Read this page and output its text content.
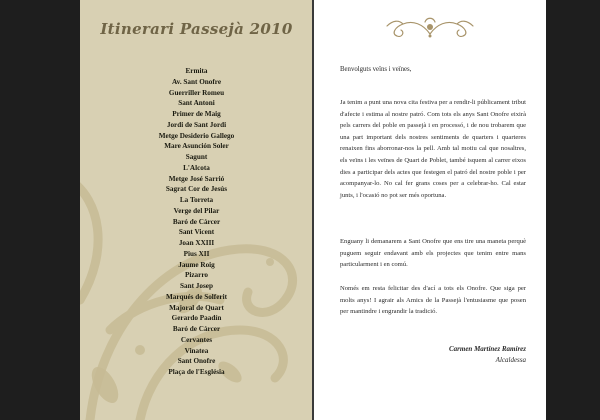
Itinerari Passejà 2010
Ermita
Av. Sant Onofre
Guerriller Romeu
Sant Antoni
Primer de Maig
Jordi de Sant Jordi
Metge Desiderio Gallego
Mare Asunción Soler
Sagunt
L'Alcota
Metge José Sarrió
Sagrat Cor de Jesús
La Torreta
Verge del Pilar
Baró de Càrcer
Sant Vicent
Joan XXIII
Pius XII
Jaume Roig
Pizarro
Sant Josep
Marqués de Solferit
Majoral de Quart
Gerardo Paadín
Baró de Càrcer
Cervantes
Vinatea
Sant Onofre
Plaça de l'Església
Benvolguts veïns i veïnes,

Ja tenim a punt una nova cita festiva per a rendir-li públicament tribut d'afecte i estima al nostre patró. Com tots els anys Sant Onofre eixirà pels carrers del poble en passejà i en processó, i de nou trobarem que una part important dels nostres sentiments de quarters i quarteres renaixen fins aborronar-nos la pell. Amb tal motiu cal que nosaltres, els veïns i les veïnes de Quart de Poblet, també isquem al carrer eixos dies a participar dels actes que festegen el patró del nostre poble i per acompanyar-lo. No cal fer grans coses per a celebrar-ho. Cal estar junts, i l'ocasió no pot ser més oportuna.

Enguany li demanarem a Sant Onofre que ens tire una maneta perquè puguem seguir endavant amb els projectes que tenim entre mans particularment i en comú.

Només em resta felicitar des d'ací a tots els Onofre. Que siga per molts anys! I agrair als Amics de la Passejà l'entusiasme que posen per mantindre i engrandir la tradició.

Carmen Martínez Ramírez
Alcaldessa
